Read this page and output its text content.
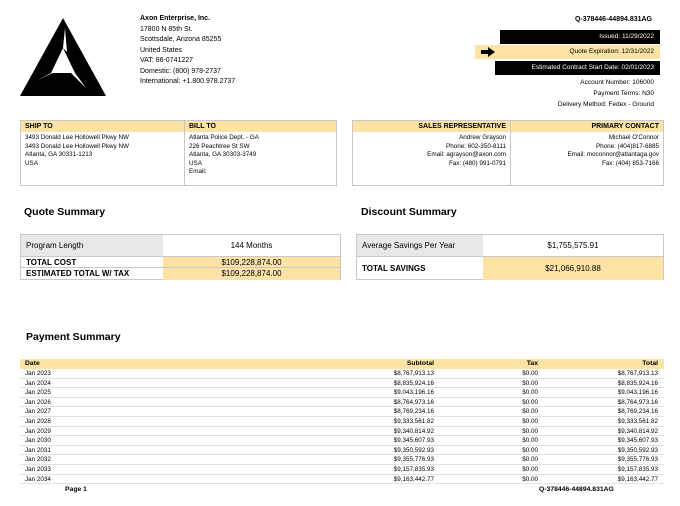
Axon Enterprise, Inc.
17800 N 85th St.
Scottsdale, Arizona 85255
United States
VAT: 86-0741227
Domestic: (800) 978-2737
International: +1.800.978.2737
Q-378446-44894.831AG
Issued: 11/29/2022
Quote Expiration: 12/31/2022
Estimated Contract Start Date: 02/01/2023
Account Number: 106000
Payment Terms: N30
Delivery Method: Fedex - Ground
SHIP TO
3493 Donald Lee Hollowell Pkwy NW
3493 Donald Lee Hollowell Pkwy NW
Atlanta, GA 30331-1213
USA
BILL TO
Atlanta Police Dept. - GA
226 Peachtree St SW
Atlanta, GA 30303-3749
USA
Email:
SALES REPRESENTATIVE
Andrew Grayson
Phone: 602-350-8111
Email: agrayson@axon.com
Fax: (480) 991-0791
PRIMARY CONTACT
Michael O'Connor
Phone: (404)817-6885
Email: moconnor@atlantaga.gov
Fax: (404) 853-7166
Quote Summary
Program Length	144 Months
TOTAL COST	$109,228,874.00
ESTIMATED TOTAL W/ TAX	$109,228,874.00
Discount Summary
Average Savings Per Year	$1,755,575.91
TOTAL SAVINGS	$21,066,910.88
Payment Summary
Date	Subtotal	Tax	Total
Jan 2023	$8,767,913.13	$0.00	$8,767,913.13
Jan 2024	$8,835,924.16	$0.00	$8,835,924.16
Jan 2025	$9,043,196.16	$0.00	$9,043,196.16
Jan 2026	$8,764,973.16	$0.00	$8,764,973.16
Jan 2027	$8,769,234.16	$0.00	$8,769,234.16
Jan 2028	$9,333,561.82	$0.00	$9,333,561.82
Jan 2029	$9,340,814.92	$0.00	$9,340,814.92
Jan 2030	$9,345,607.93	$0.00	$9,345,607.93
Jan 2031	$9,350,592.93	$0.00	$9,350,592.93
Jan 2032	$9,355,776.93	$0.00	$9,355,776.93
Jan 2033	$9,157,835.93	$0.00	$9,157,835.93
Jan 2034	$9,163,442.77	$0.00	$9,163,442.77
Page 1	Q-378446-44894.831AG
